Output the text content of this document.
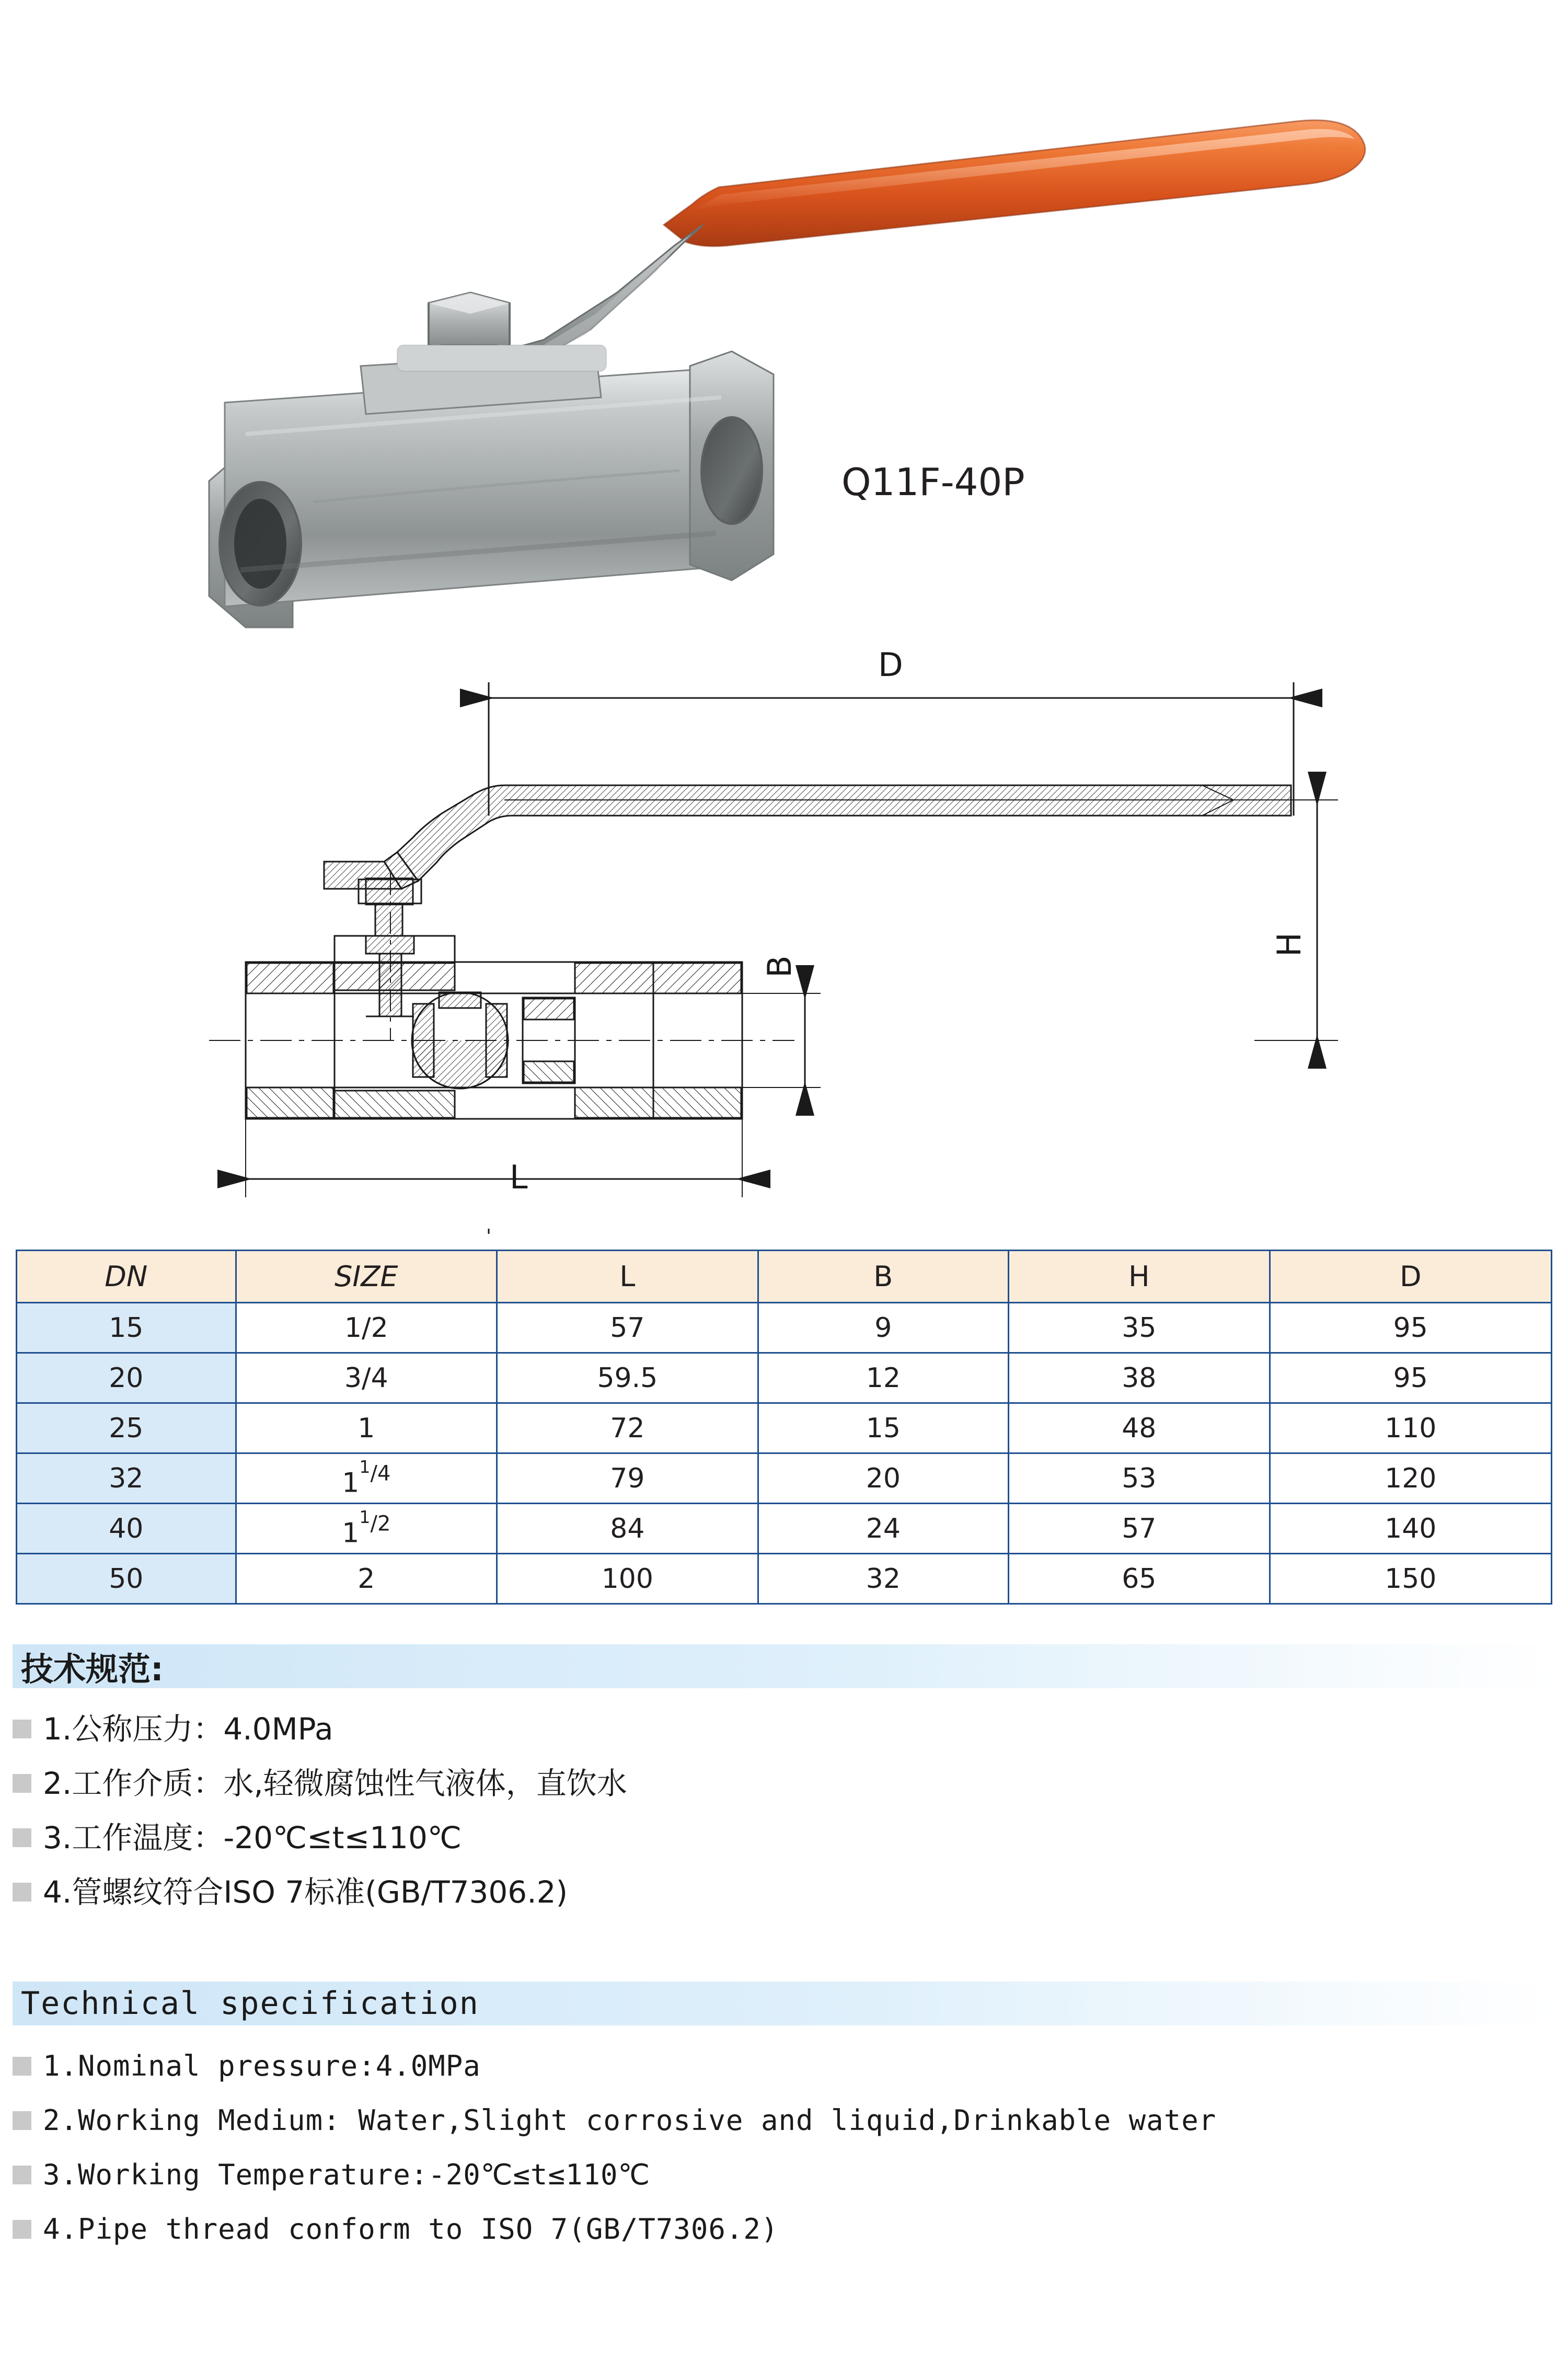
Q11F-40P
D
H
B
L
DN	SIZE	L	B	H	D
15	1/2	57	9	35	95
20	3/4	59.5	12	38	95
25	1	72	15	48	110
32	$1^1/4$	79	20	53	120
40	$1^1/2$	84	24	57	140
50	2	100	32	65	150
技术规范:
1.公称压力：4.0MPa
2.工作介质：水,轻微腐蚀性气液体，直饮水
3.工作温度：-20℃≤t≤110℃
4.管螺纹符合ISO 7标准(GB/T7306.2)
Technical specification
1.Nominal pressure:4.0MPa
2.Working Medium: Water,Slight corrosive and liquid,Drinkable water
3.Working Temperature:-20℃≤t≤110℃
4.Pipe thread conform to ISO 7(GB/T7306.2)
